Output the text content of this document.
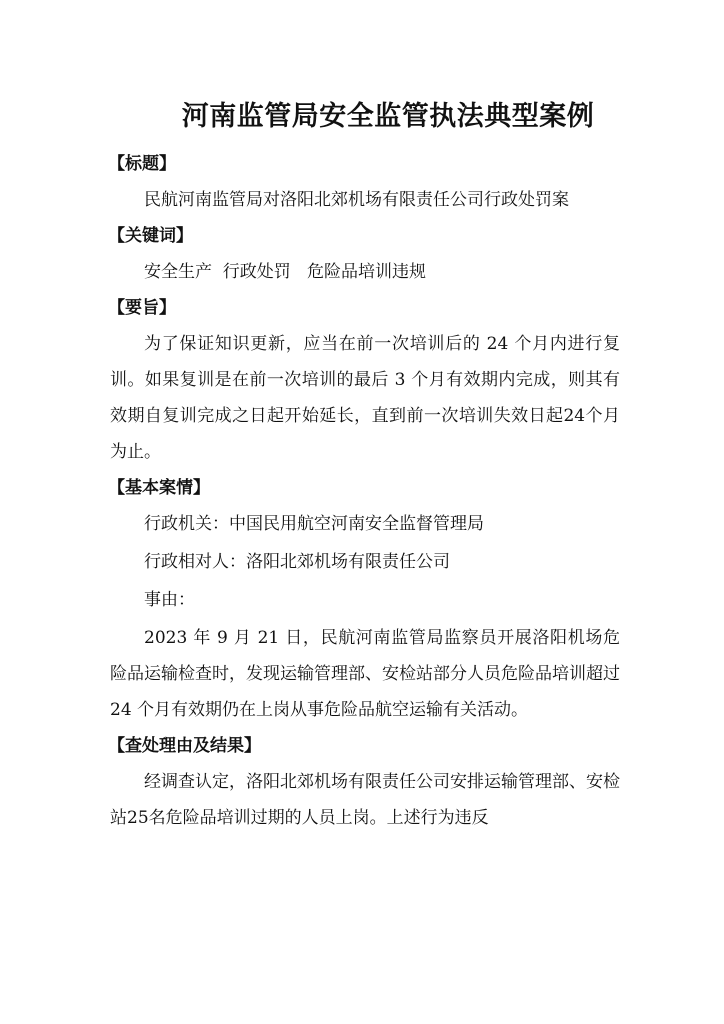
河南监管局安全监管执法典型案例
【标题】
民航河南监管局对洛阳北郊机场有限责任公司行政处罚案
【关键词】
安全生产  行政处罚   危险品培训违规
【要旨】
为了保证知识更新，应当在前一次培训后的 24 个月内进行复训。如果复训是在前一次培训的最后 3 个月有效期内完成，则其有效期自复训完成之日起开始延长，直到前一次培训失效日起24个月为止。
【基本案情】
行政机关：中国民用航空河南安全监督管理局
行政相对人：洛阳北郊机场有限责任公司
事由：
2023 年 9 月 21 日，民航河南监管局监察员开展洛阳机场危险品运输检查时，发现运输管理部、安检站部分人员危险品培训超过 24 个月有效期仍在上岗从事危险品航空运输有关活动。
【查处理由及结果】
经调查认定，洛阳北郊机场有限责任公司安排运输管理部、安检站25名危险品培训过期的人员上岗。上述行为违反
